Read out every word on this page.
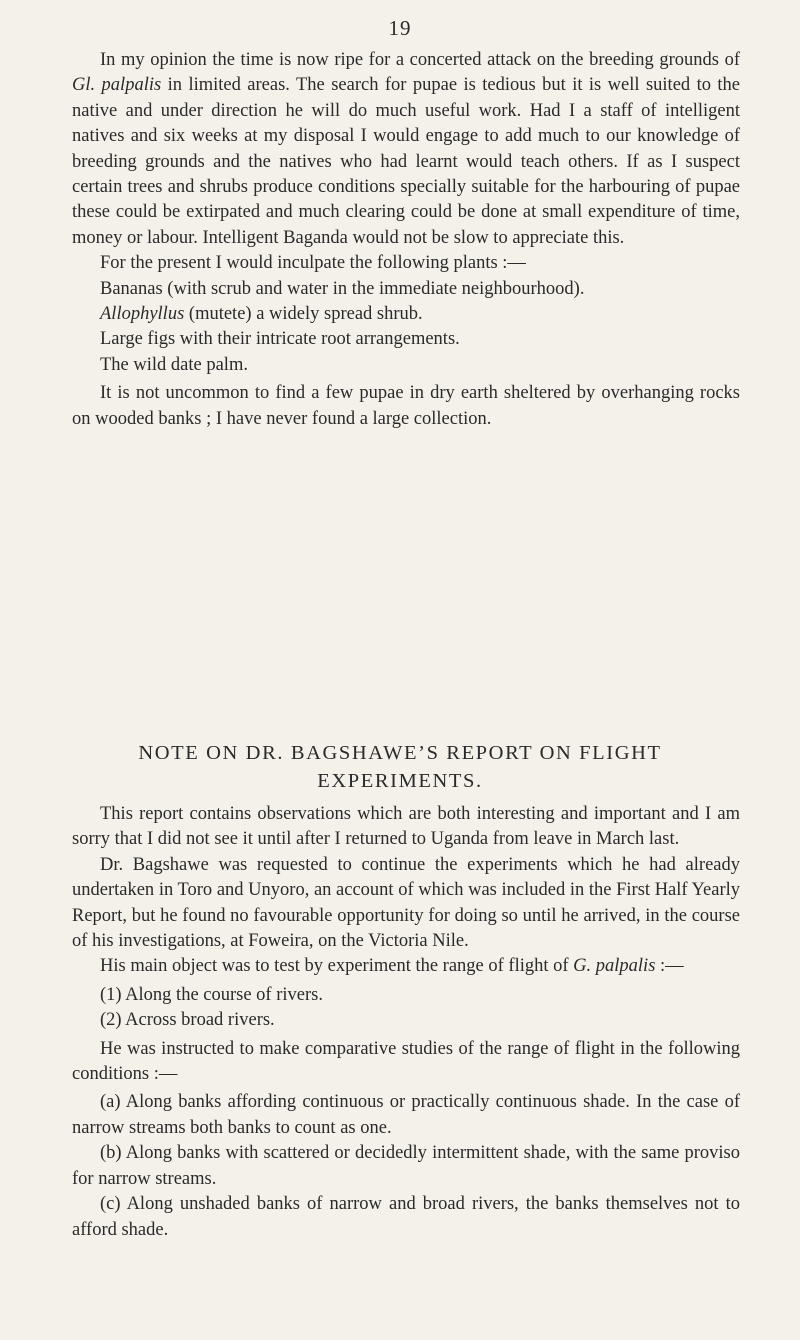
19

In my opinion the time is now ripe for a concerted attack on the breeding grounds of Gl. palpalis in limited areas. The search for pupae is tedious but it is well suited to the native and under direction he will do much useful work. Had I a staff of intelligent natives and six weeks at my disposal I would engage to add much to our knowledge of breeding grounds and the natives who had learnt would teach others. If as I suspect certain trees and shrubs produce conditions specially suitable for the harbouring of pupae these could be extirpated and much clearing could be done at small expenditure of time, money or labour. Intelligent Baganda would not be slow to appreciate this.

For the present I would inculpate the following plants :—

Bananas (with scrub and water in the immediate neighbourhood).

Allophyllus (mutete) a widely spread shrub.

Large figs with their intricate root arrangements.

The wild date palm.

It is not uncommon to find a few pupae in dry earth sheltered by overhanging rocks on wooded banks ; I have never found a large collection.

NOTE ON DR. BAGSHAWE’S REPORT ON FLIGHT
EXPERIMENTS.

This report contains observations which are both interesting and important and I am sorry that I did not see it until after I returned to Uganda from leave in March last.

Dr. Bagshawe was requested to continue the experiments which he had already undertaken in Toro and Unyoro, an account of which was included in the First Half Yearly Report, but he found no favourable opportunity for doing so until he arrived, in the course of his investigations, at Foweira, on the Victoria Nile.

His main object was to test by experiment the range of flight of G. palpalis :—

(1) Along the course of rivers.

(2) Across broad rivers.

He was instructed to make comparative studies of the range of flight in the following conditions :—

(a) Along banks affording continuous or practically continuous shade. In the case of narrow streams both banks to count as one.

(b) Along banks with scattered or decidedly intermittent shade, with the same proviso for narrow streams.

(c) Along unshaded banks of narrow and broad rivers, the banks themselves not to afford shade.
